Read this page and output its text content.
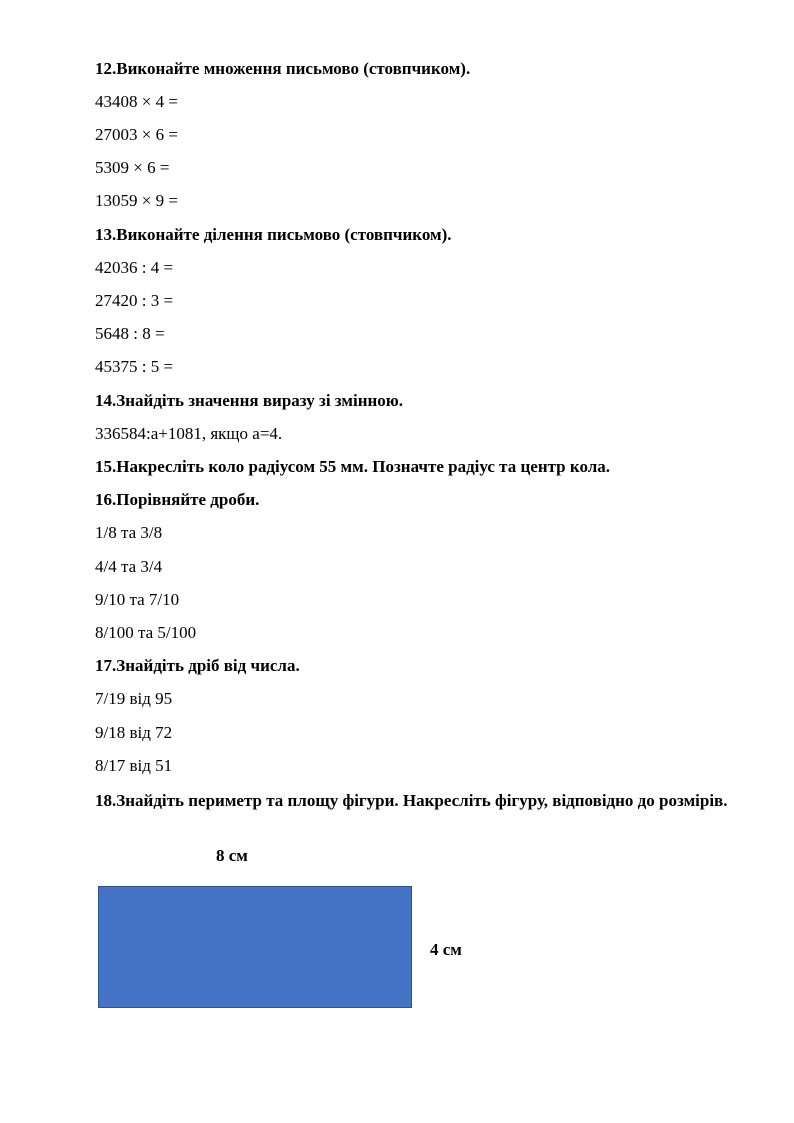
12.Виконайте множення письмово (стовпчиком).

43408 × 4 =

27003 × 6 =

5309 × 6 =

13059 × 9 =

13.Виконайте ділення письмово (стовпчиком).

42036 : 4 =

27420 : 3 =

5648 : 8 =

45375 : 5 =

14.Знайдіть значення виразу зі змінною.

336584:а+1081, якщо а=4.

15.Накресліть коло радіусом 55 мм. Позначте радіус та центр кола.

16.Порівняйте дроби.

1/8 та 3/8

4/4 та 3/4

9/10 та 7/10

8/100 та 5/100

17.Знайдіть дріб від числа.

7/19 від 95

9/18 від 72

8/17 від 51

18.Знайдіть периметр та площу фігури. Накресліть фігуру, відповідно до розмірів.

8 см

4 см
